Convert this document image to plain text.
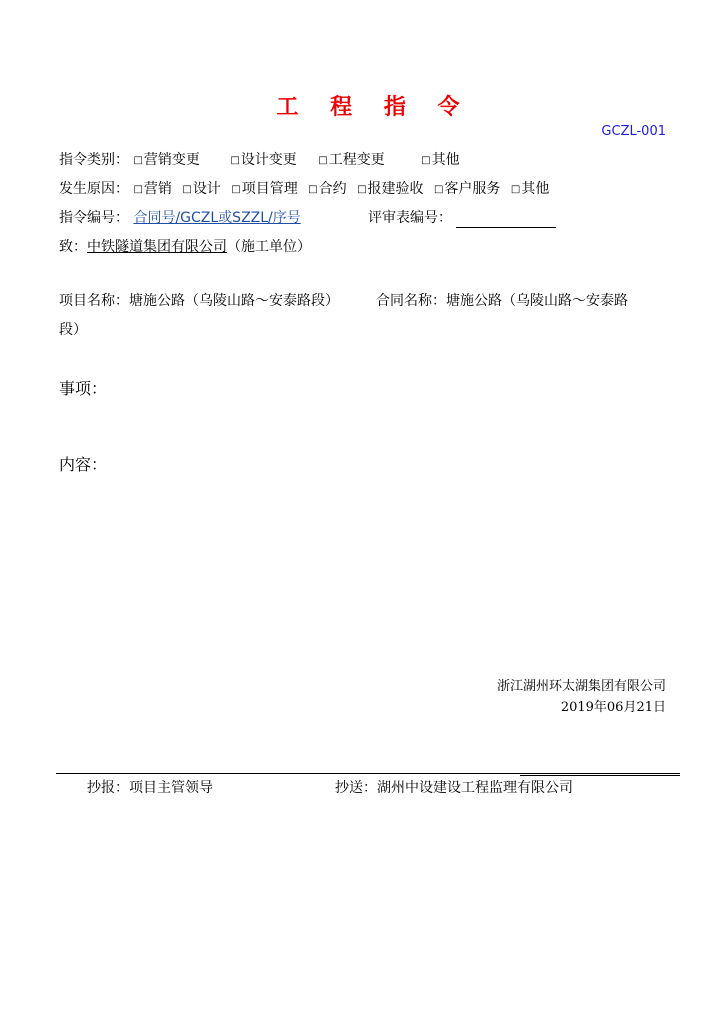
工 程 指 令
GCZL-001
指令类别： □营销变更	□设计变更 □工程变更	□其他
发生原因： □营销 □设计 □项目管理 □合约 □报建验收 □客户服务 □其他
指令编号： 合同号/GCZL或SZZL/序号	评审表编号：
致：中铁隧道集团有限公司（施工单位）
项目名称：塘施公路（乌陵山路～安泰路段）	合同名称：塘施公路（乌陵山路～安泰路
段）
事项：
内容：
浙江湖州环太湖集团有限公司
2019年06月21日
抄报：项目主管领导	抄送：湖州中设建设工程监理有限公司
